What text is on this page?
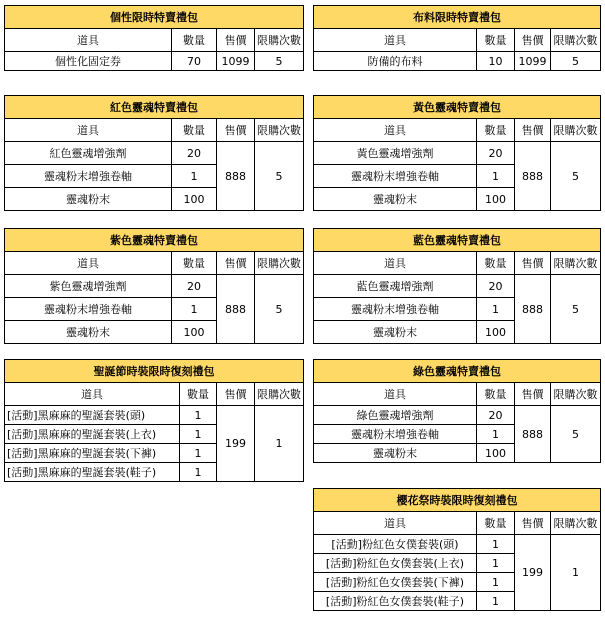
個性限時特賣禮包			
道具	數量	售價	限購次數
個性化固定券	70	1099	5
布料限時特賣禮包			
道具	數量	售價	限購次數
防備的布料	10	1099	5
紅色靈魂特賣禮包			
道具	數量	售價	限購次數
紅色靈魂增強劑	20	888	5
靈魂粉末增強卷軸	1		
靈魂粉末	100		
黃色靈魂特賣禮包			
道具	數量	售價	限購次數
黃色靈魂增強劑	20	888	5
靈魂粉末增強卷軸	1		
靈魂粉末	100		
紫色靈魂特賣禮包			
道具	數量	售價	限購次數
紫色靈魂增強劑	20	888	5
靈魂粉末增強卷軸	1		
靈魂粉末	100		
藍色靈魂特賣禮包			
道具	數量	售價	限購次數
藍色靈魂增強劑	20	888	5
靈魂粉末增強卷軸	1		
靈魂粉末	100		
聖誕節時裝限時復刻禮包			
道具	數量	售價	限購次數
[活動]黑麻麻的聖誕套裝(頭)	1	199	1
[活動]黑麻麻的聖誕套裝(上衣)	1		
[活動]黑麻麻的聖誕套裝(下褲)	1		
[活動]黑麻麻的聖誕套裝(鞋子)	1		
綠色靈魂特賣禮包			
道具	數量	售價	限購次數
綠色靈魂增強劑	20	888	5
靈魂粉末增強卷軸	1		
靈魂粉末	100		
櫻花祭時裝限時復刻禮包			
道具	數量	售價	限購次數
[活動]粉紅色女僕套裝(頭)	1	199	1
[活動]粉紅色女僕套裝(上衣)	1		
[活動]粉紅色女僕套裝(下褲)	1		
[活動]粉紅色女僕套裝(鞋子)	1		
